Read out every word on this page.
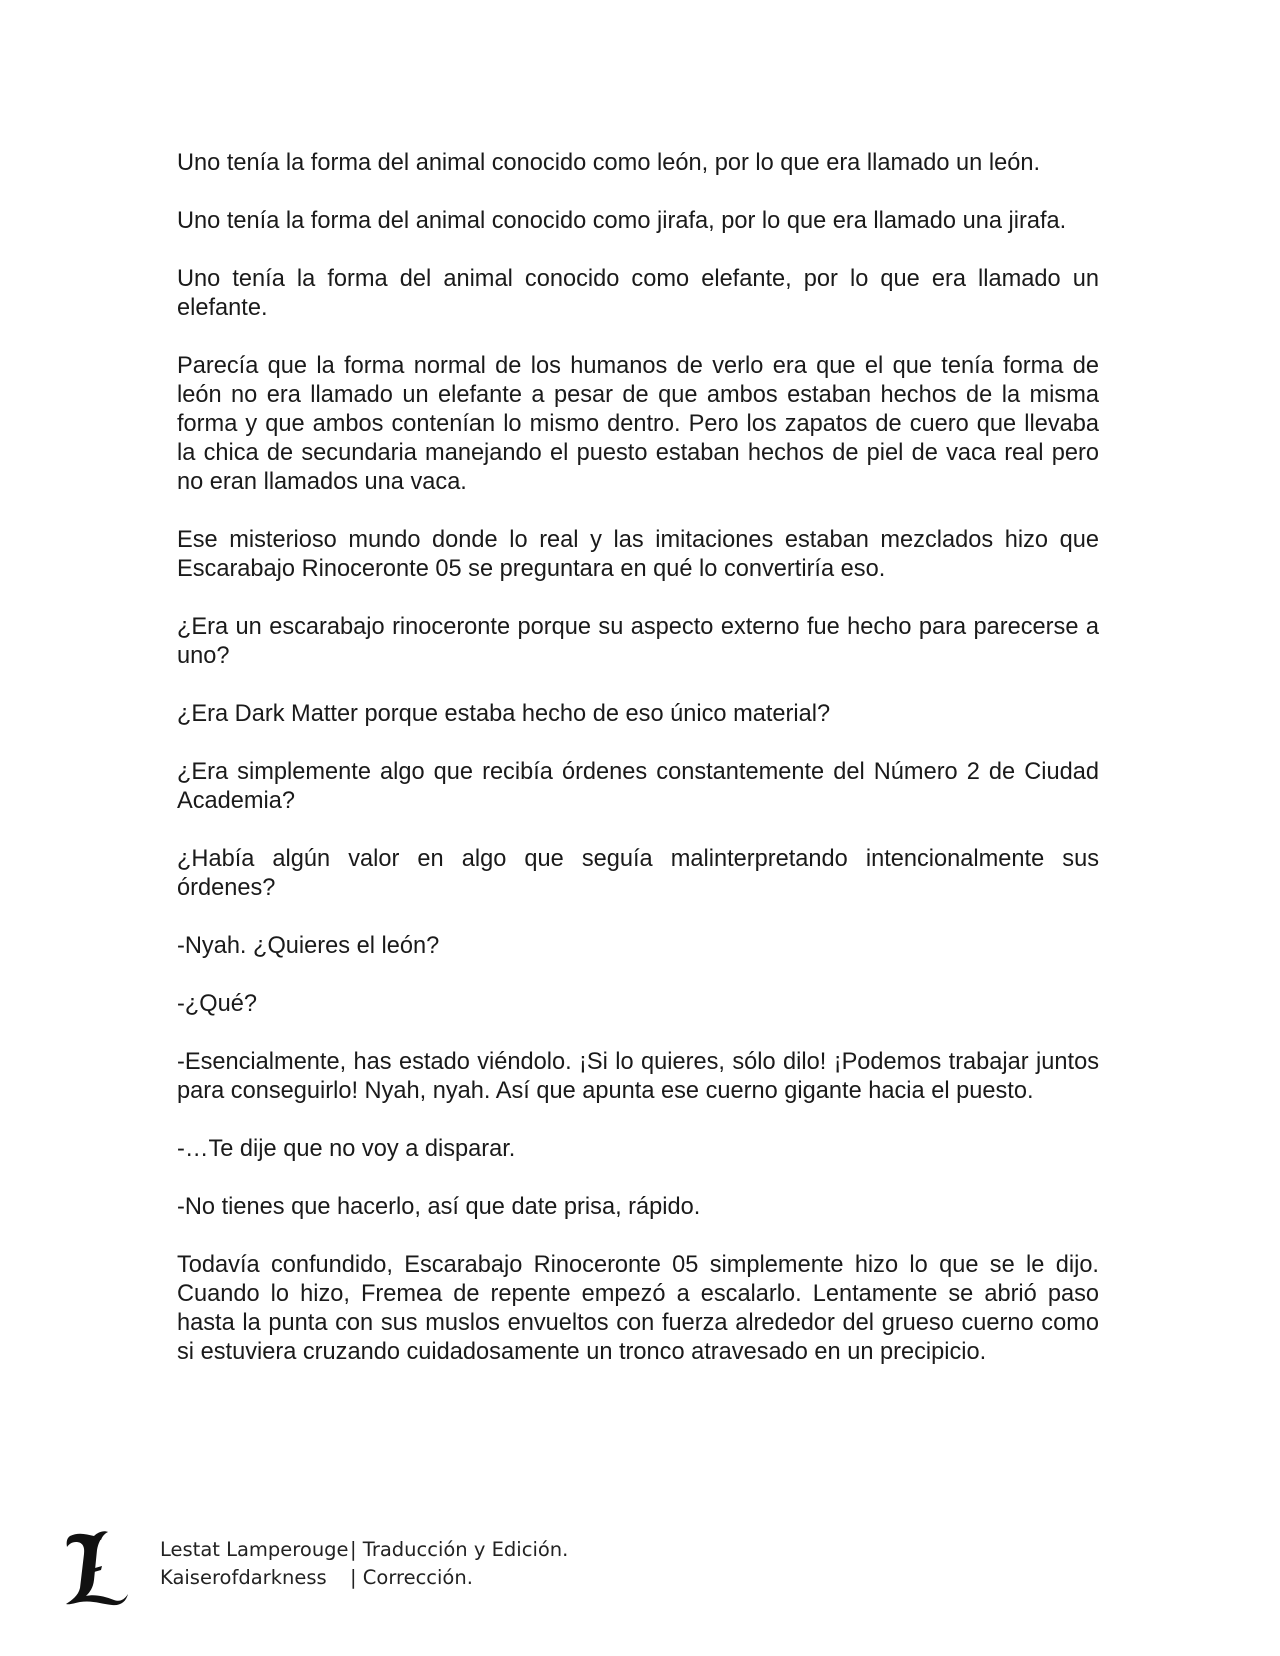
Uno tenía la forma del animal conocido como león, por lo que era llamado un león.

Uno tenía la forma del animal conocido como jirafa, por lo que era llamado una jirafa.

Uno tenía la forma del animal conocido como elefante, por lo que era llamado un elefante.

Parecía que la forma normal de los humanos de verlo era que el que tenía forma de león no era llamado un elefante a pesar de que ambos estaban hechos de la misma forma y que ambos contenían lo mismo dentro. Pero los zapatos de cuero que llevaba la chica de secundaria manejando el puesto estaban hechos de piel de vaca real pero no eran llamados una vaca.

Ese misterioso mundo donde lo real y las imitaciones estaban mezclados hizo que Escarabajo Rinoceronte 05 se preguntara en qué lo convertiría eso.

¿Era un escarabajo rinoceronte porque su aspecto externo fue hecho para parecerse a uno?

¿Era Dark Matter porque estaba hecho de eso único material?

¿Era simplemente algo que recibía órdenes constantemente del Número 2 de Ciudad Academia?

¿Había algún valor en algo que seguía malinterpretando intencionalmente sus órdenes?

-Nyah. ¿Quieres el león?

-¿Qué?

-Esencialmente, has estado viéndolo. ¡Si lo quieres, sólo dilo! ¡Podemos trabajar juntos para conseguirlo! Nyah, nyah. Así que apunta ese cuerno gigante hacia el puesto.

-…Te dije que no voy a disparar.

-No tienes que hacerlo, así que date prisa, rápido.

Todavía confundido, Escarabajo Rinoceronte 05 simplemente hizo lo que se le dijo. Cuando lo hizo, Fremea de repente empezó a escalarlo. Lentamente se abrió paso hasta la punta con sus muslos envueltos con fuerza alrededor del grueso cuerno como si estuviera cruzando cuidadosamente un tronco atravesado en un precipicio.

Lestat Lamperouge | Traducción y Edición.
Kaiserofdarkness	| Corrección.
